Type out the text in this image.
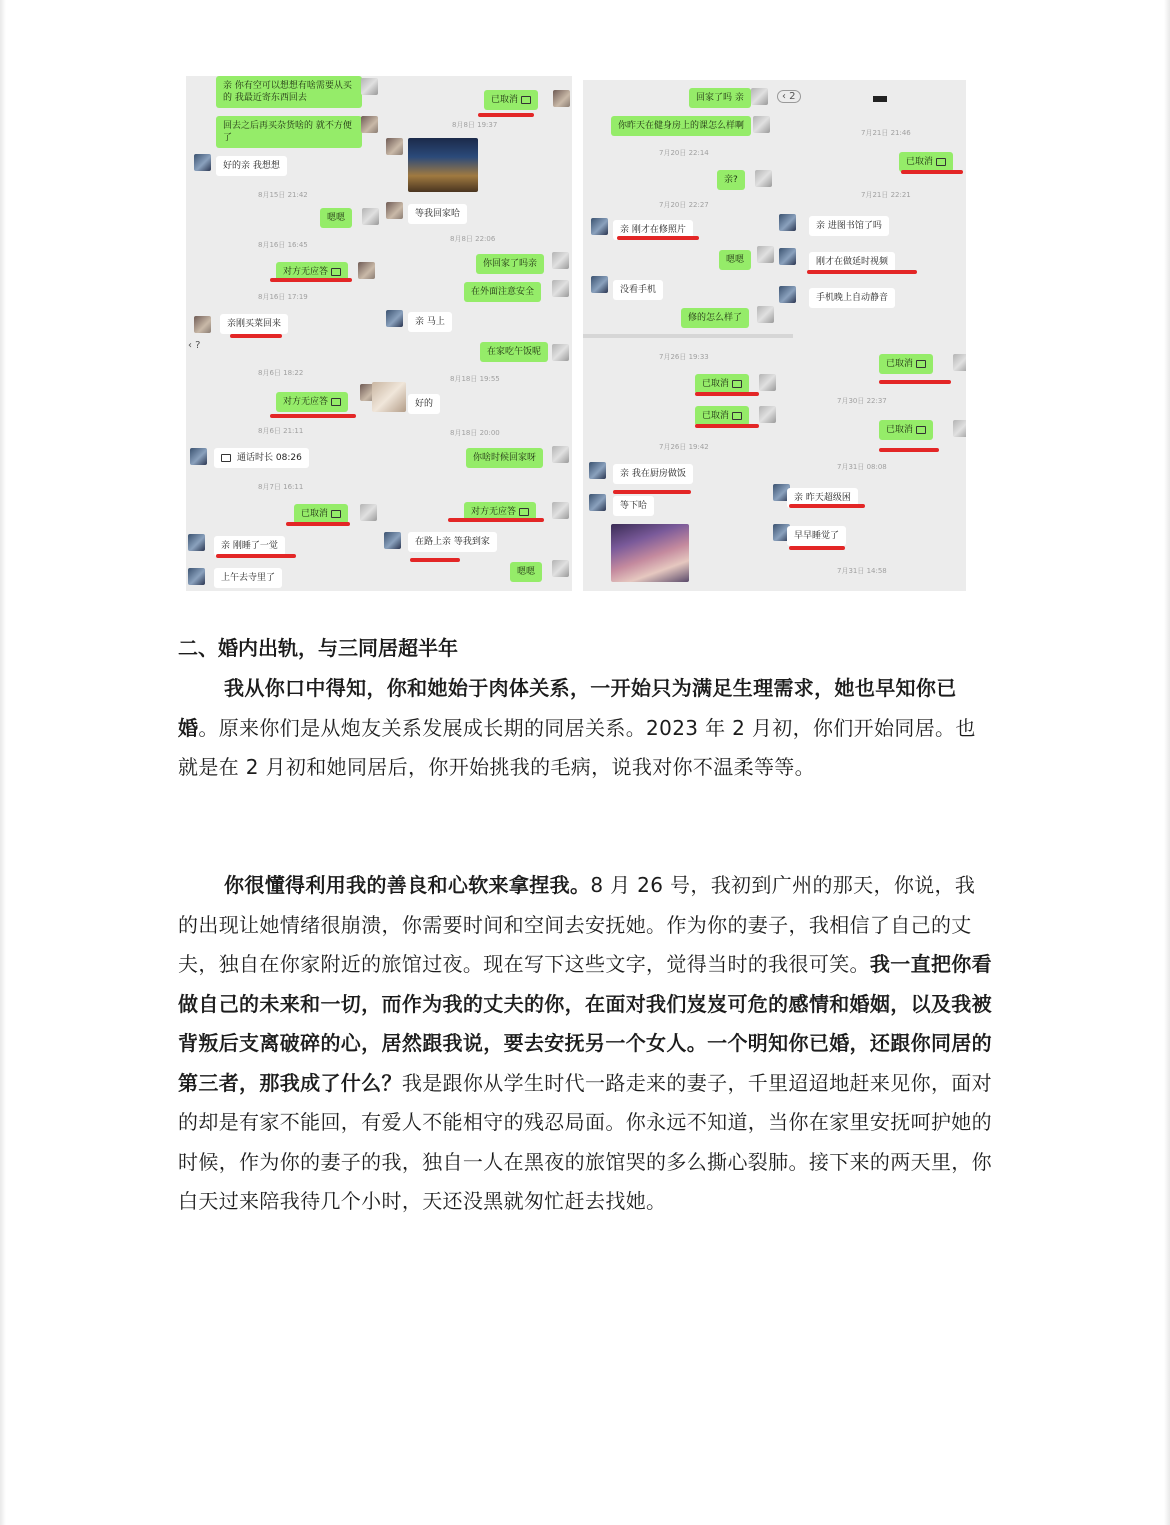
亲 你有空可以想想有啥需要从买的 我最近寄东西回去	已取消
8月8日 19:37
回去之后再买杂货啥的 就不方便了
好的亲 我想想
8月15日 21:42
嗯嗯	等我回家哈
8月16日 16:45
8月8日 22:06
对方无应答
你回家了吗亲
在外面注意安全
8月16日 17:19
亲刚买菜回来	亲 马上
‹ ?
在家吃午饭呢
8月6日 18:22
8月18日 19:55
对方无应答	好的
8月6日 21:11	8月18日 20:00
通话时长 08:26	你啥时候回家呀
8月7日 16:11
已取消	对方无应答
亲 刚睡了一觉	在路上亲 等我到家
上午去寺里了
嗯嗯
回家了吗 亲	‹ 2
你昨天在健身房上的课怎么样啊
7月21日 21:46
7月20日 22:14
已取消
亲?
7月21日 22:21
7月20日 22:27
亲 刚才在修照片	亲 进图书馆了吗
嗯嗯	刚才在做延时视频
没看手机
手机晚上自动静音
修的怎么样了
已取消
7月26日 19:33
已取消
7月30日 22:37
已取消
已取消
7月26日 19:42
7月31日 08:08
亲 我在厨房做饭
亲 昨天超级困
等下哈
早早睡觉了
7月31日 14:58
二、婚内出轨，与三同居超半年
我从你口中得知，你和她始于肉体关系，一开始只为满足生理需求，她也早知你已婚。原来你们是从炮友关系发展成长期的同居关系。2023 年 2 月初，你们开始同居。也就是在 2 月初和她同居后，你开始挑我的毛病，说我对你不温柔等等。
你很懂得利用我的善良和心软来拿捏我。8 月 26 号，我初到广州的那天，你说，我的出现让她情绪很崩溃，你需要时间和空间去安抚她。作为你的妻子，我相信了自己的丈夫，独自在你家附近的旅馆过夜。现在写下这些文字，觉得当时的我很可笑。我一直把你看做自己的未来和一切，而作为我的丈夫的你，在面对我们岌岌可危的感情和婚姻，以及我被背叛后支离破碎的心，居然跟我说，要去安抚另一个女人。一个明知你已婚，还跟你同居的第三者，那我成了什么？我是跟你从学生时代一路走来的妻子，千里迢迢地赶来见你，面对的却是有家不能回，有爱人不能相守的残忍局面。你永远不知道，当你在家里安抚呵护她的时候，作为你的妻子的我，独自一人在黑夜的旅馆哭的多么撕心裂肺。接下来的两天里，你白天过来陪我待几个小时，天还没黑就匆忙赶去找她。
